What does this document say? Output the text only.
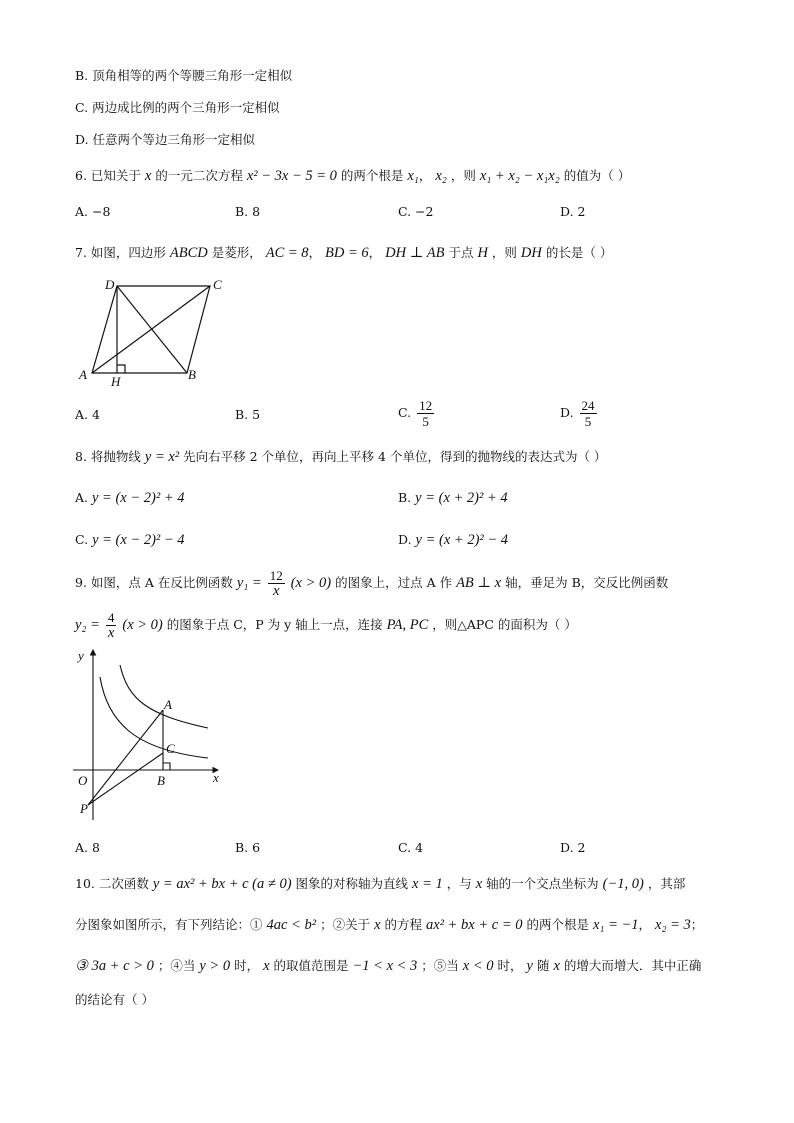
B. 顶角相等的两个等腰三角形一定相似
C. 两边成比例的两个三角形一定相似
D. 任意两个等边三角形一定相似
6. 已知关于 x 的一元二次方程 x² − 3x − 5 = 0 的两个根是 x₁， x₂ ，则 x₁ + x₂ − x₁x₂ 的值为（ ）
A. −8	B. 8	C. −2	D. 2
7. 如图，四边形 ABCD 是菱形， AC = 8， BD = 6， DH ⊥ AB 于点 H ，则 DH 的长是（ ）
D	C
A H	B
A. 4	B. 5	C. $\frac{12}{5}$	D. $\frac{24}{5}$
8. 将抛物线 y = x² 先向右平移 2 个单位，再向上平移 4 个单位，得到的抛物线的表达式为（ ）
A. y = (x − 2)² + 4	B. y = (x + 2)² + 4
C. y = (x − 2)² − 4	D. y = (x + 2)² − 4
9. 如图，点 A 在反比例函数 $y_1 = \frac{12}{x} (x > 0)$ 的图象上，过点 A 作 AB ⊥ x 轴，垂足为 B，交反比例函数
$y_2 = \frac{4}{x} (x > 0)$ 的图象于点 C，P 为 y 轴上一点，连接 PA, PC ，则△APC 的面积为（ ）
y
x
O
A
C
B
P
A. 8	B. 6	C. 4	D. 2
10. 二次函数 y = ax² + bx + c (a ≠ 0) 图象的对称轴为直线 x = 1 ，与 x 轴的一个交点坐标为 (−1, 0) ，其部
分图象如图所示，有下列结论：① 4ac < b² ；②关于 x 的方程 ax² + bx + c = 0 的两个根是 x₁ = −1， x₂ = 3；
③ 3a + c > 0 ；④当 y > 0 时， x 的取值范围是 −1 < x < 3 ；⑤当 x < 0 时， y 随 x 的增大而增大．其中正确
的结论有（ ）
